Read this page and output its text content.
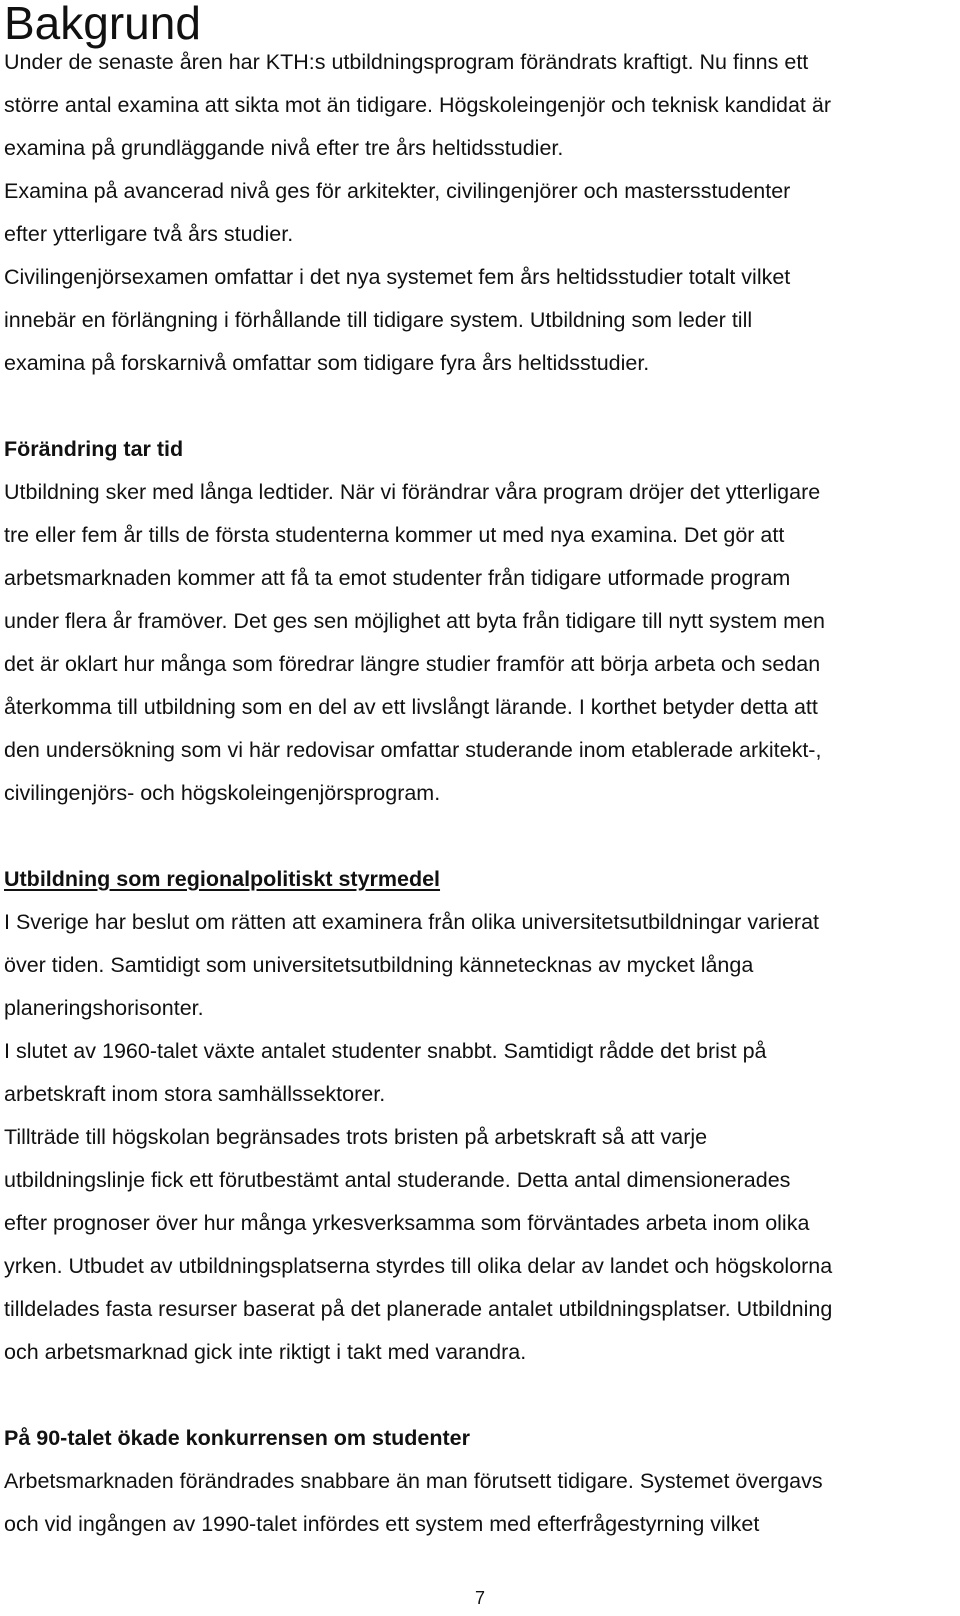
Bakgrund
Under de senaste åren har KTH:s utbildningsprogram förändrats kraftigt. Nu finns ett
större antal examina att sikta mot än tidigare. Högskoleingenjör och teknisk kandidat är
examina på grundläggande nivå efter tre års heltidsstudier.
Examina på avancerad nivå ges för arkitekter, civilingenjörer och mastersstudenter
efter ytterligare två års studier.
Civilingenjörsexamen omfattar i det nya systemet fem års heltidsstudier totalt vilket
innebär en förlängning i förhållande till tidigare system. Utbildning som leder till
examina på forskarnivå omfattar som tidigare fyra års heltidsstudier.
Förändring tar tid
Utbildning sker med långa ledtider. När vi förändrar våra program dröjer det ytterligare
tre eller fem år tills de första studenterna kommer ut med nya examina. Det gör att
arbetsmarknaden kommer att få ta emot studenter från tidigare utformade program
under flera år framöver. Det ges sen möjlighet att byta från tidigare till nytt system men
det är oklart hur många som föredrar längre studier framför att börja arbeta och sedan
återkomma till utbildning som en del av ett livslångt lärande. I korthet betyder detta att
den undersökning som vi här redovisar omfattar studerande inom etablerade arkitekt-,
civilingenjörs- och högskoleingenjörsprogram.
Utbildning som regionalpolitiskt styrmedel
I Sverige har beslut om rätten att examinera från olika universitetsutbildningar varierat
över tiden. Samtidigt som universitetsutbildning kännetecknas av mycket långa
planeringshorisonter.
I slutet av 1960-talet växte antalet studenter snabbt. Samtidigt rådde det brist på
arbetskraft inom stora samhällssektorer.
Tillträde till högskolan begränsades trots bristen på arbetskraft så att varje
utbildningslinje fick ett förutbestämt antal studerande. Detta antal dimensionerades
efter prognoser över hur många yrkesverksamma som förväntades arbeta inom olika
yrken. Utbudet av utbildningsplatserna styrdes till olika delar av landet och högskolorna
tilldelades fasta resurser baserat på det planerade antalet utbildningsplatser. Utbildning
och arbetsmarknad gick inte riktigt i takt med varandra.
På 90-talet ökade konkurrensen om studenter
Arbetsmarknaden förändrades snabbare än man förutsett tidigare. Systemet övergavs
och vid ingången av 1990-talet infördes ett system med efterfrågestyrning vilket
7
